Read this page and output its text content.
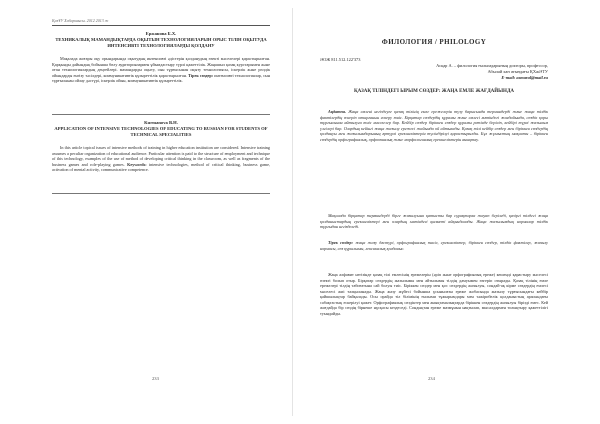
ҚазҰУ Хабаршысы. 2012 2013 ж
Ержанова Б.Х.
ТЕХНИКАЛЫҚ МАМАНДЫҚТАРДА ОҚЫТЫН ТЕХНОЛОГИЯЛАРЫН ОРЫС ТІЛІН ОҚЫТУДА ИНТЕНСИВТІ ТЕХНОЛОГИЯЛАРДЫ ҚОЛДАНУ
Мақалада жоғары оқу орындарында оқытудың интенсивті әдістерін қолданудың өзекті мәселелері қарастырылған. Қарқынды дайындық бойынша бөлу аудиториялармен ұйымдастыру түрлі қажеттілік. Жаңашыл қазақ курстарымен және оған технологиялардың деңгейлері. мамандарды оқыту, сын тұрғысынан оқыту технологиясы, іскерлік және рөлдік ойындарды енгізу тәсілдері, коммуникативтік құзыреттілік қарастырылған. Тірек сөздер: интенсивті технологиялар, сын тұрғысынан ойлау дәстүрі, іскерлік ойын, коммуникативтік құзыреттілік.
Kurmanova B.H.
APPLICATION OF INTENSIVE TECHNOLOGIES OF EDUCATING TO RUSSIAN FOR STUDENTS OF TECHNICAL SPECIALITIES
In this article topical issues of intensive methods of training in higher education institution are considered. Intensive training assumes a peculiar organization of educational audience. Particular attention is paid to the structure of employment and technique of this technology, examples of the use of method of developing critical thinking in the classroom, as well as fragments of the business games and role-playing games. Keywords: intensive technologies, method of critical thinking, business game, activation of mental activity, communicative competence.
233
ФИЛОЛОГИЯ / PHILOLOGY
ӘОЖ 811.512.122'373
Асқар А. – филология ғылымдарының докторы, профессор,
Абылай хан атындағы ҚХжӘТУ
E-mail: asmaral@mail.ru
ҚАЗАҚ ТІЛІНДЕГІ ЫРЫМ СӨЗДЕР: ЖАҢА ЕМЛЕ ЖАҒДАЙЫНДА
Аңдатпа. Жаңа емлені негіздеуге қазақ тілінің емле ережелерін түзу барысында терминдерді және жаңа тілдік фактілердің өзгеріп отырғанын ескеру тиіс. Бірқатар сөздердің құрамы және емлесі мәтіндегі жағдайында, сөздік қоры тұрғысынан айтылуға тиіс мәселелер бар. Кейбір сөздер біріккен сөздер құрамы ретінде беріліп, кейбірі түрлі жазылым үлгілері бар. Олардың кейінгі жаңа жазылу ережесі жайында ой айтылады. Қазақ тілі кейбір сөздер мен біріккен сөздердің қолдануы мен жазылымдарының әртүрлі ерекшеліктерін түсіндірілуі қарастырылды. Бұл жұмыстың мақсаты – біріккен сөздердің орфографиялық, орфоэпиялық және морфологиялық ерекшеліктерін анықтау.
Мақалада бірқатар терминдерді бірге жазылуына қатысты бар сұрақтарға жауап беріледі, қазіргі тілдегі жаңа қолданыстардың ерекшеліктері мен олардың мәтіндегі қызметі айқындалады. Жаңа жазылымдық нормалар тілдік тұрғыдан негізделеді.
Тірек сөздер: жаңа жазу дәстүрі, орфографиялық тәсіл, ерекшеліктер, біріккен сөздер, тілдік фактілер, жазылу нормасы, сөз құрылымы, лексикалық қолданыс.
Жаңа алфавит негізінде қазақ тілі емлесінің ережелерін (әріп және орфографиялық ереже) кешенді қарастыру мәселесі өзекті болып отыр. Бірқатар сөздердің жазылымы мен айтылымы тілдің дамуымен өзгеріп отырады. Қазақ тілінің емле ережелері тілдің табиғатына сай болуы тиіс. Біріккен сөздер мен қос сөздердің жазылуы, сондай-ақ кірме сөздердің емлесі мәселесі жиі талқыланады. Жаңа жазу жүйесі бойынша ұсынылған ереже жобасында жазылу тұрғысындағы кейбір қайшылықтар байқалады. Осы орайда тіл білімінің ғылыми тұжырымдары мен тәжірибелік қолданыстың арасындағы сабақтастық ескерілуі қажет. Орфографиялық сөздіктер мен анықтамалықтарда біріккен сөздердің жазылуы бірізді емес. Кей жағдайда бір сөздің бірнеше нұсқасы кездеседі. Сондықтан ереже мазмұнын нақтылап, мысалдармен толықтыру қажеттілігі туындайды.
234
